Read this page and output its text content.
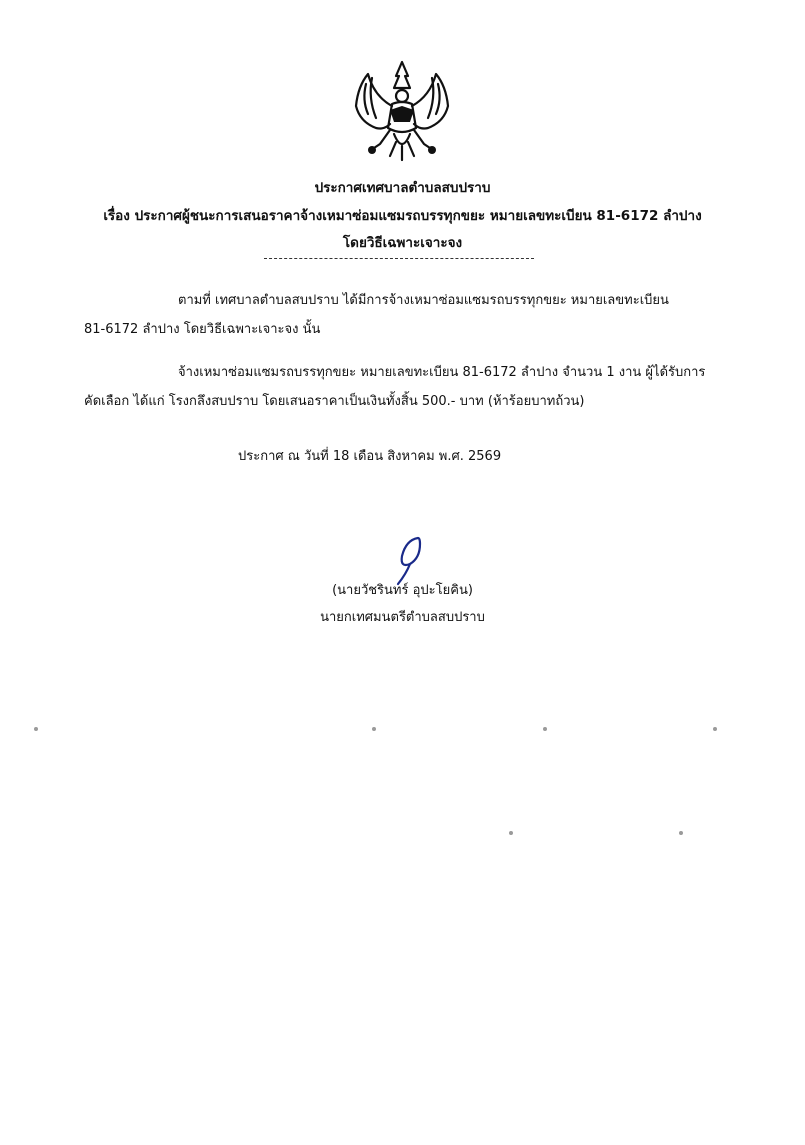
ประกาศเทศบาลตำบลสบปราบ
เรื่อง ประกาศผู้ชนะการเสนอราคาจ้างเหมาซ่อมแซมรถบรรทุกขยะ หมายเลขทะเบียน 81-6172 ลำปาง
โดยวิธีเฉพาะเจาะจง
ตามที่ เทศบาลตำบลสบปราบ ได้มีการจ้างเหมาซ่อมแซมรถบรรทุกขยะ หมายเลขทะเบียน
81-6172 ลำปาง โดยวิธีเฉพาะเจาะจง นั้น
จ้างเหมาซ่อมแซมรถบรรทุกขยะ หมายเลขทะเบียน 81-6172 ลำปาง จำนวน 1 งาน ผู้ได้รับการ
คัดเลือก ได้แก่ โรงกลึงสบปราบ โดยเสนอราคาเป็นเงินทั้งสิ้น 500.- บาท (ห้าร้อยบาทถ้วน)
ประกาศ ณ วันที่ 18 เดือน สิงหาคม พ.ศ. 2569
(นายวัชรินทร์ อุปะโยคิน)
นายกเทศมนตรีตำบลสบปราบ
